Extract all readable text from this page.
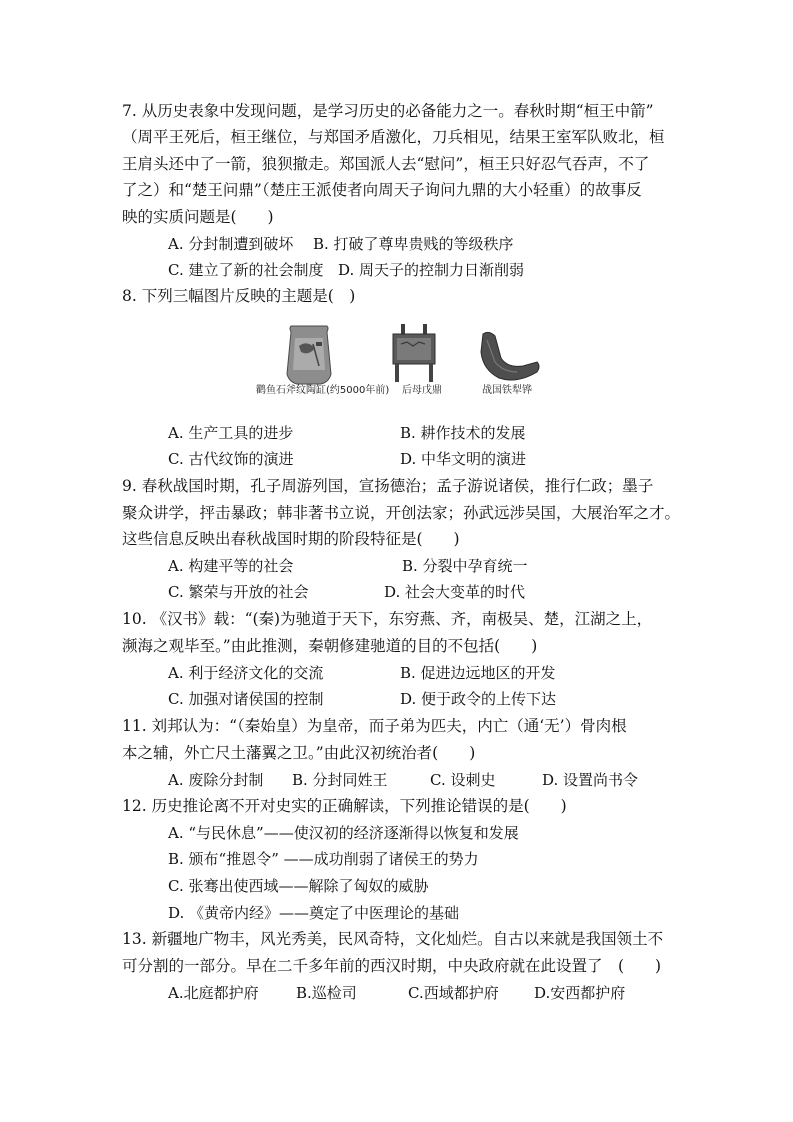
7. 从历史表象中发现问题，是学习历史的必备能力之一。春秋时期“桓王中箭”
（周平王死后，桓王继位，与郑国矛盾激化，刀兵相见，结果王室军队败北，桓
王肩头还中了一箭，狼狈撤走。郑国派人去“慰问”，桓王只好忍气吞声，不了
了之）和“楚王问鼎”（楚庄王派使者向周天子询问九鼎的大小轻重）的故事反
映的实质问题是(　　)
A. 分封制遭到破坏 B. 打破了尊卑贵贱的等级秩序
C. 建立了新的社会制度 D. 周天子的控制力日渐削弱
8. 下列三幅图片反映的主题是(　)
鹳鱼石斧纹陶缸(约5000年前) 后母戊鼎	战国铁犁铧
A. 生产工具的进步	B. 耕作技术的发展
C. 古代纹饰的演进	D. 中华文明的演进
9. 春秋战国时期，孔子周游列国，宣扬德治；孟子游说诸侯，推行仁政；墨子
聚众讲学，抨击暴政；韩非著书立说，开创法家；孙武远涉吴国，大展治军之才。
这些信息反映出春秋战国时期的阶段特征是(　　)
A. 构建平等的社会	B. 分裂中孕育统一
C. 繁荣与开放的社会	D. 社会大变革的时代
10. 《汉书》载：“(秦)为驰道于天下，东穷燕、齐，南极吴、楚，江湖之上，
濒海之观毕至。”由此推测，秦朝修建驰道的目的不包括(　　)
A. 利于经济文化的交流	B. 促进边远地区的开发
C. 加强对诸侯国的控制	D. 便于政令的上传下达
11. 刘邦认为：“（秦始皇）为皇帝，而子弟为匹夫，内亡（通‘无’）骨肉根
本之辅，外亡尺土藩翼之卫。”由此汉初统治者(　　)
A. 废除分封制 B. 分封同姓王	C. 设刺史	D. 设置尚书令
12. 历史推论离不开对史实的正确解读，下列推论错误的是(　　)
A. “与民休息”——使汉初的经济逐渐得以恢复和发展
B. 颁布“推恩令” ——成功削弱了诸侯王的势力
C. 张骞出使西域——解除了匈奴的威胁
D. 《黄帝内经》——奠定了中医理论的基础
13. 新疆地广物丰，风光秀美，民风奇特，文化灿烂。自古以来就是我国领土不
可分割的一部分。早在二千多年前的西汉时期，中央政府就在此设置了　(　　)
A.北庭都护府 B.巡检司	C.西域都护府 D.安西都护府
